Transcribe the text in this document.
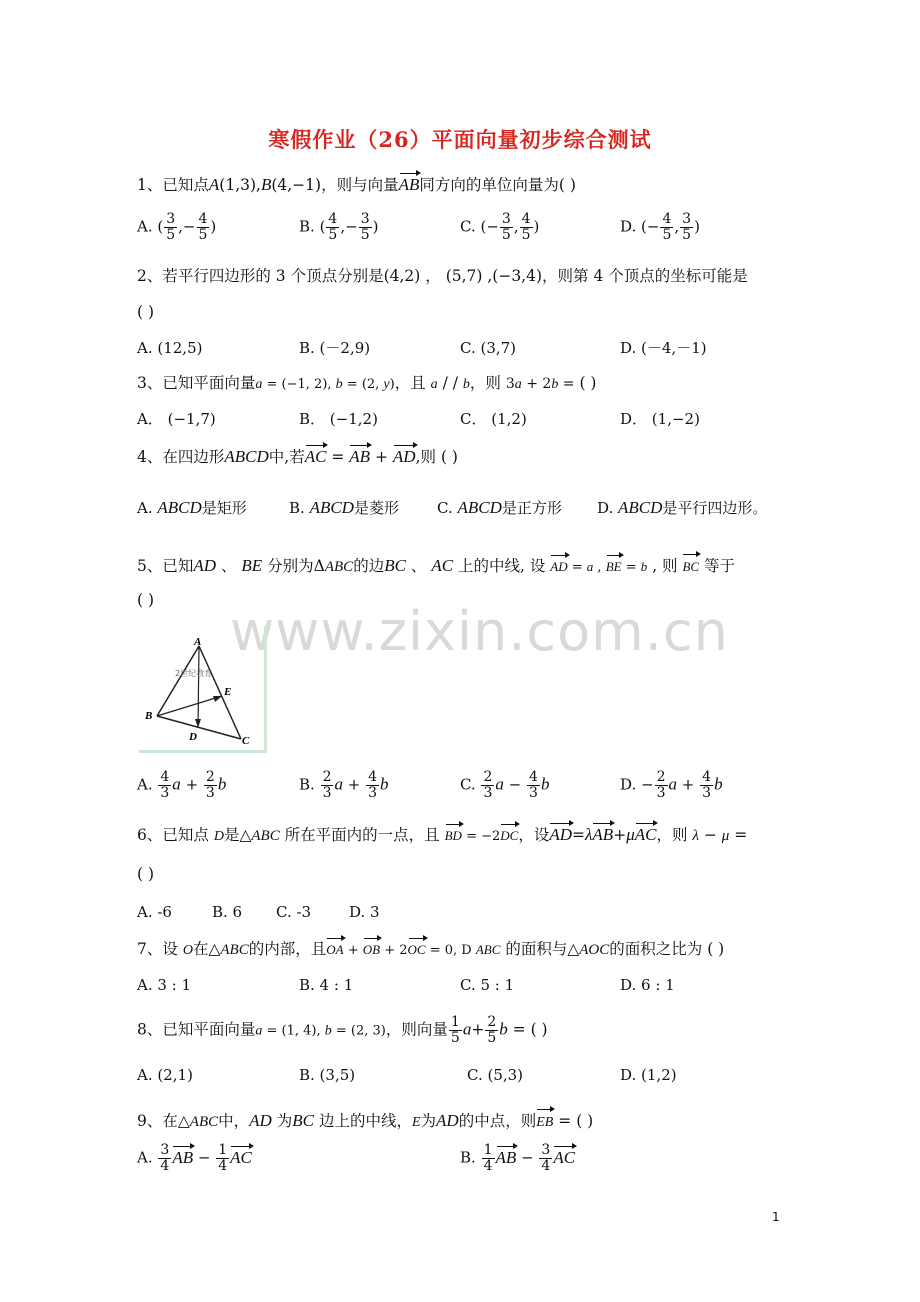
寒假作业（26）平面向量初步综合测试
1、已知点A(1,3),B(4,−1)，则与向量AB同方向的单位向量为( )
A. ( $\frac{3}{5}$ ,− $\frac{4}{5}$ )	B. ( $\frac{4}{5}$ ,− $\frac{3}{5}$ )	C. (− $\frac{3}{5}$ , $\frac{4}{5}$ )	D. (− $\frac{4}{5}$ , $\frac{3}{5}$ )
2、若平行四边形的 3 个顶点分别是(4,2) ， (5,7) ,(−3,4)，则第 4 个顶点的坐标可能是
( )
A. (12,5)	B. (－2,9)	C. (3,7)	D. (－4,－1)
3、已知平面向量a = (−1, 2), b = (2, y)，且 a / / b，则 3a + 2b = ( )
A． (−1,7)	B． (−1,2)	C． (1,2)	D． (1,−2)
4、在四边形ABCD中,若AC = AB + AD,则 ( )
A. ABCD是矩形	B. ABCD是菱形	C. ABCD是正方形 D. ABCD是平行四边形。
5、已知AD 、 BE 分别为ΔABC的边BC 、 AC 上的中线, 设 AD = a , BE = b , 则 BC 等于
( )	www.zixin.com.cn
A
B
C
D
E
2世纪教育
A. $\frac{4}{3}$ $a + \frac{2}{3}$ b	B. $\frac{2}{3}$ $a + \frac{4}{3}$ b	C. $\frac{2}{3}$ $a - \frac{4}{3}$ b	D. − $\frac{2}{3}$ $a + \frac{4}{3}$ b
6、已知点 D是△ABC 所在平面内的一点，且 BD = −2DC，设AD=λAB+μAC，则 λ − μ =
( )
A. -6	B. 6 C. -3	D. 3
7、设 O在△ABC的内部，且OA + OB + 2OC = 0, D ABC 的面积与△AOC的面积之比为 ( )
A. 3 : 1	B. 4 : 1	C. 5 : 1	D. 6 : 1
8、已知平面向量a = (1, 4), b = (2, 3)，则向量 $\frac{1}{5} a+ \frac{2}{5}$ b = ( )
A. (2,1)	B. (3,5)	C. (5,3)	D. (1,2)
9、在△ABC中，AD 为BC 边上的中线，E为AD的中点，则EB = ( )
A. $\frac{3}{4}$ AB − $\frac{1}{4}$ AC	B. $\frac{1}{4}$ AB − $\frac{3}{4}$ AC
1
